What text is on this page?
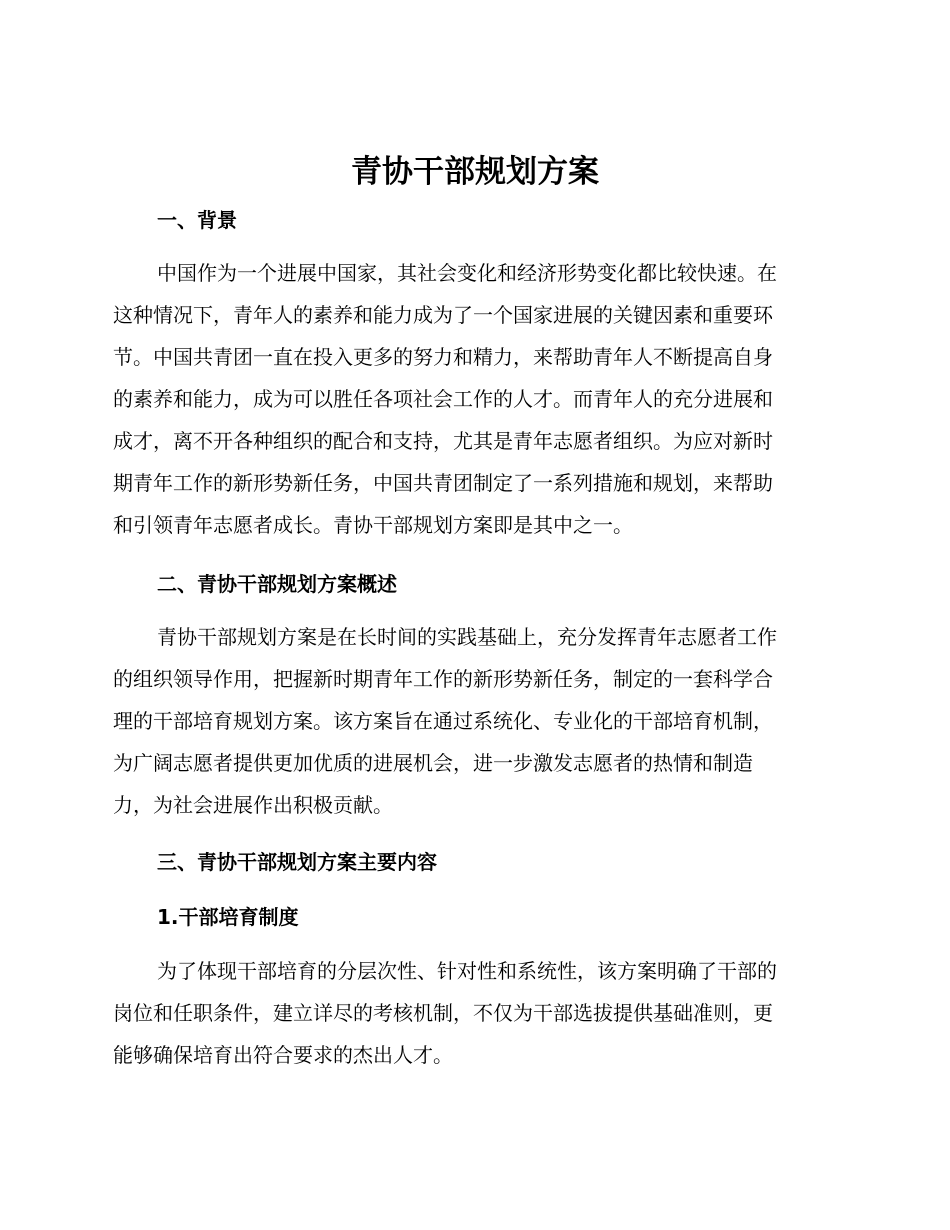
青协干部规划方案
一、背景
中国作为一个进展中国家，其社会变化和经济形势变化都比较快速。在
这种情况下，青年人的素养和能力成为了一个国家进展的关键因素和重要环
节。中国共青团一直在投入更多的努力和精力，来帮助青年人不断提高自身
的素养和能力，成为可以胜任各项社会工作的人才。而青年人的充分进展和
成才，离不开各种组织的配合和支持，尤其是青年志愿者组织。为应对新时
期青年工作的新形势新任务，中国共青团制定了一系列措施和规划，来帮助
和引领青年志愿者成长。青协干部规划方案即是其中之一。
二、青协干部规划方案概述
青协干部规划方案是在长时间的实践基础上，充分发挥青年志愿者工作
的组织领导作用，把握新时期青年工作的新形势新任务，制定的一套科学合
理的干部培育规划方案。该方案旨在通过系统化、专业化的干部培育机制，
为广阔志愿者提供更加优质的进展机会，进一步激发志愿者的热情和制造
力，为社会进展作出积极贡献。
三、青协干部规划方案主要内容
1.干部培育制度
为了体现干部培育的分层次性、针对性和系统性，该方案明确了干部的
岗位和任职条件，建立详尽的考核机制，不仅为干部选拔提供基础准则，更
能够确保培育出符合要求的杰出人才。
